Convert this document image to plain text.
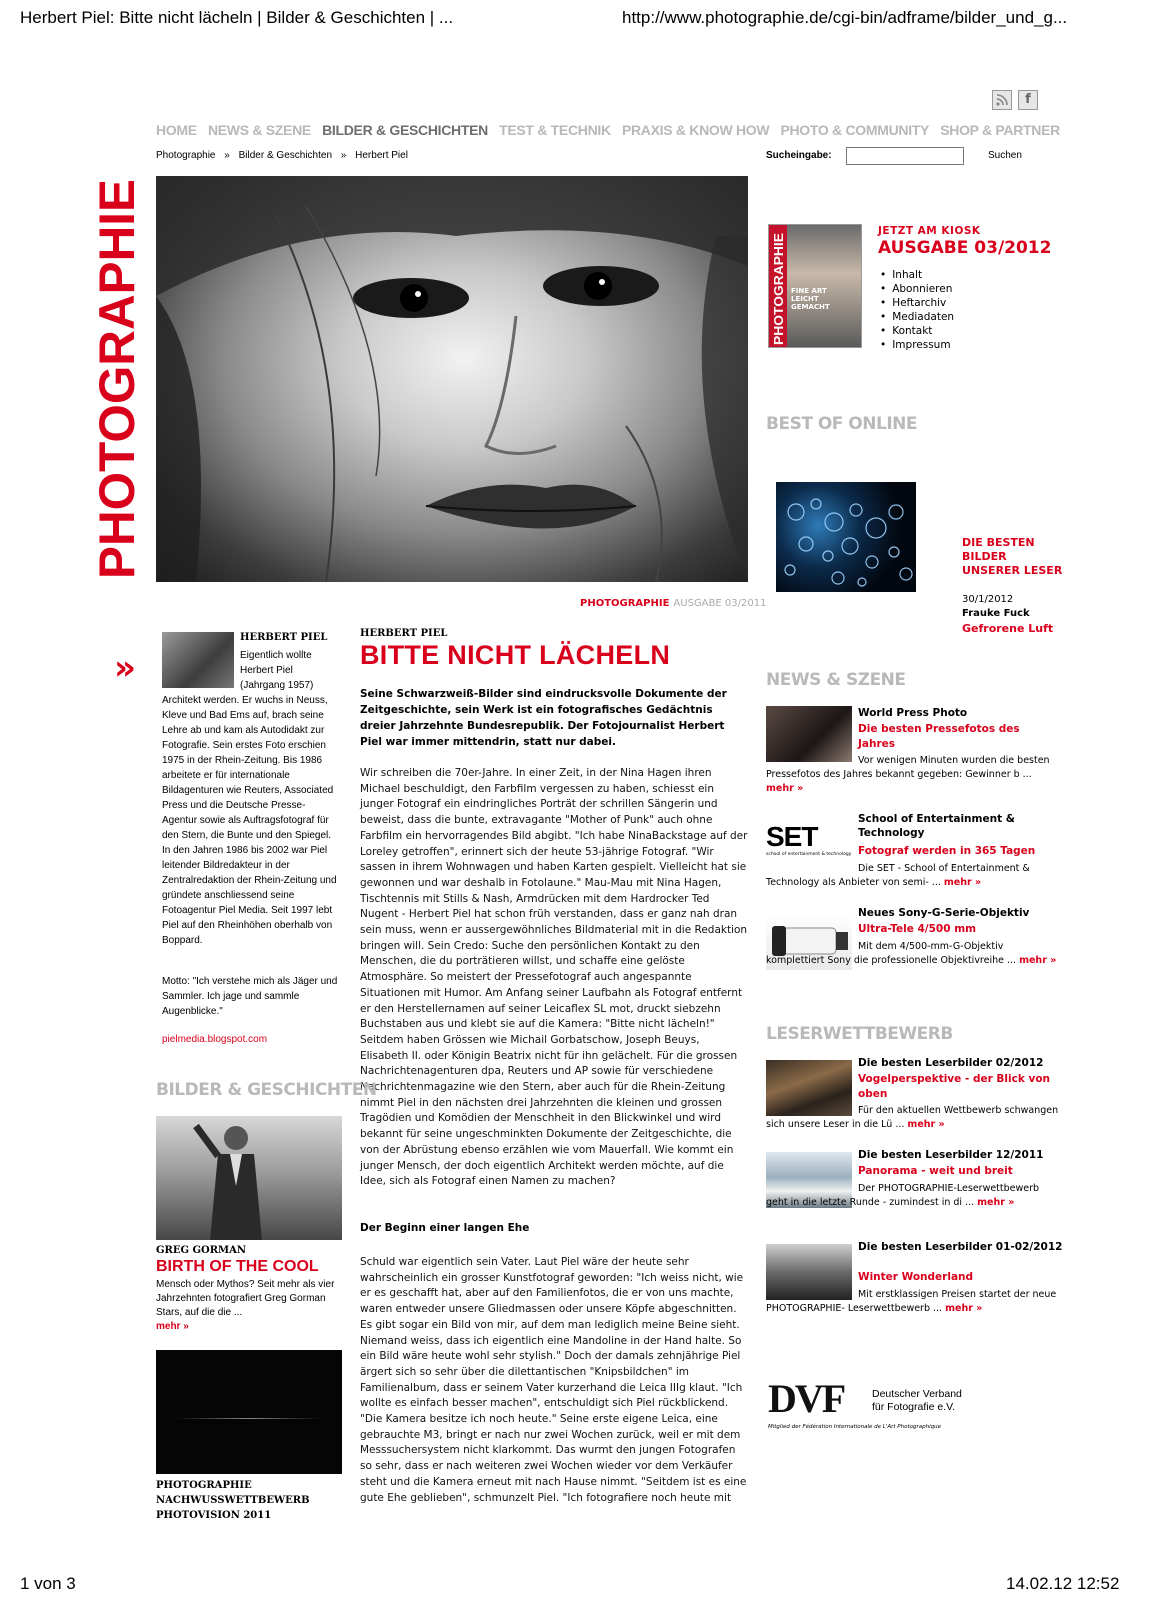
Herbert Piel: Bitte nicht lächeln | Bilder & Geschichten | ...	http://www.photographie.de/cgi-bin/adframe/bilder_und_g...
f
HOME NEWS & SZENE BILDER & GESCHICHTEN TEST & TECHNIK PRAXIS & KNOW HOW PHOTO & COMMUNITY SHOP & PARTNER
Photographie » Bilder & Geschichten » Herbert Piel	Sucheingabe:	Suchen
PHOTOGRAPHIE
PHOTOGRAPHIE AUSGABE 03/2011
»
HERBERT PIEL
Eigentlich wollte Herbert Piel (Jahrgang 1957)
Architekt werden. Er wuchs in Neuss, Kleve und Bad Ems auf, brach seine Lehre ab und kam als Autodidakt zur Fotografie. Sein erstes Foto erschien 1975 in der Rhein-Zeitung. Bis 1986 arbeitete er für internationale Bildagenturen wie Reuters, Associated Press und die Deutsche Presse-Agentur sowie als Auftragsfotograf für den Stern, die Bunte und den Spiegel. In den Jahren 1986 bis 2002 war Piel leitender Bildredakteur in der Zentralredaktion der Rhein-Zeitung und gründete anschliessend seine Fotoagentur Piel Media. Seit 1997 lebt Piel auf den Rheinhöhen oberhalb von Boppard.
Motto: "Ich verstehe mich als Jäger und Sammler. Ich jage und sammle Augenblicke."
pielmedia.blogspot.com
HERBERT PIEL
BITTE NICHT LÄCHELN
Seine Schwarzweiß-Bilder sind eindrucksvolle Dokumente der Zeitgeschichte, sein Werk ist ein fotografisches Gedächtnis dreier Jahrzehnte Bundesrepublik. Der Fotojournalist Herbert Piel war immer mittendrin, statt nur dabei.
Wir schreiben die 70er-Jahre. In einer Zeit, in der Nina Hagen ihren Michael beschuldigt, den Farbfilm vergessen zu haben, schiesst ein junger Fotograf ein eindringliches Porträt der schrillen Sängerin und beweist, dass die bunte, extravagante "Mother of Punk" auch ohne Farbfilm ein hervorragendes Bild abgibt. "Ich habe NinaBackstage auf der Loreley getroffen", erinnert sich der heute 53-jährige Fotograf. "Wir sassen in ihrem Wohnwagen und haben Karten gespielt. Vielleicht hat sie gewonnen und war deshalb in Fotolaune." Mau-Mau mit Nina Hagen, Tischtennis mit Stills & Nash, Armdrücken mit dem Hardrocker Ted Nugent - Herbert Piel hat schon früh verstanden, dass er ganz nah dran sein muss, wenn er aussergewöhnliches Bildmaterial mit in die Redaktion bringen will. Sein Credo: Suche den persönlichen Kontakt zu den Menschen, die du porträtieren willst, und schaffe eine gelöste Atmosphäre. So meistert der Pressefotograf auch angespannte Situationen mit Humor. Am Anfang seiner Laufbahn als Fotograf entfernt er den Herstellernamen auf seiner Leicaflex SL mot, druckt siebzehn Buchstaben aus und klebt sie auf die Kamera: "Bitte nicht lächeln!" Seitdem haben Grössen wie Michail Gorbatschow, Joseph Beuys, Elisabeth II. oder Königin Beatrix nicht für ihn gelächelt. Für die grossen Nachrichtenagenturen dpa, Reuters und AP sowie für verschiedene Nachrichtenmagazine wie den Stern, aber auch für die Rhein-Zeitung nimmt Piel in den nächsten drei Jahrzehnten die kleinen und grossen Tragödien und Komödien der Menschheit in den Blickwinkel und wird bekannt für seine ungeschminkten Dokumente der Zeitgeschichte, die von der Abrüstung ebenso erzählen wie vom Mauerfall. Wie kommt ein junger Mensch, der doch eigentlich Architekt werden möchte, auf die Idee, sich als Fotograf einen Namen zu machen?
Der Beginn einer langen Ehe
Schuld war eigentlich sein Vater. Laut Piel wäre der heute sehr wahrscheinlich ein grosser Kunstfotograf geworden: "Ich weiss nicht, wie er es geschafft hat, aber auf den Familienfotos, die er von uns machte, waren entweder unsere Gliedmassen oder unsere Köpfe abgeschnitten. Es gibt sogar ein Bild von mir, auf dem man lediglich meine Beine sieht. Niemand weiss, dass ich eigentlich eine Mandoline in der Hand halte. So ein Bild wäre heute wohl sehr stylish." Doch der damals zehnjährige Piel ärgert sich so sehr über die dilettantischen "Knipsbildchen" im Familienalbum, dass er seinem Vater kurzerhand die Leica IIIg klaut. "Ich wollte es einfach besser machen", entschuldigt sich Piel rückblickend. "Die Kamera besitze ich noch heute." Seine erste eigene Leica, eine gebrauchte M3, bringt er nach nur zwei Wochen zurück, weil er mit dem Messsuchersystem nicht klarkommt. Das wurmt den jungen Fotografen so sehr, dass er nach weiteren zwei Wochen wieder vor dem Verkäufer steht und die Kamera erneut mit nach Hause nimmt. "Seitdem ist es eine gute Ehe geblieben", schmunzelt Piel. "Ich fotografiere noch heute mit
BILDER & GESCHICHTEN
GREG GORMAN
BIRTH OF THE COOL
Mensch oder Mythos? Seit mehr als vier Jahrzehnten fotografiert Greg Gorman Stars, auf die die ...
mehr »
PHOTOGRAPHIE
NACHWUSSWETTBEWERB
PHOTOVISION 2011
PHOTOGRAPHIE FINE ART
LEICHT
GEMACHT
JETZT AM KIOSK
AUSGABE 03/2012
• Inhalt
• Abonnieren
• Heftarchiv
• Mediadaten
• Kontakt
• Impressum
BEST OF ONLINE
DIE BESTEN
BILDER
UNSERER LESER
30/1/2012
Frauke Fuck
Gefrorene Luft
NEWS & SZENE
World Press Photo
Die besten Pressefotos des Jahres
Vor wenigen Minuten wurden die besten Pressefotos des Jahres bekannt gegeben: Gewinner b ... mehr »
SET
school of entertainment & technology
School of Entertainment & Technology
Fotograf werden in 365 Tagen
Die SET - School of Entertainment & Technology als Anbieter von semi- ... mehr »
Neues Sony-G-Serie-Objektiv
Ultra-Tele 4/500 mm
Mit dem 4/500-mm-G-Objektiv komplettiert Sony die professionelle Objektivreihe ... mehr »
LESERWETTBEWERB
Die besten Leserbilder 02/2012
Vogelperspektive - der Blick von oben
Für den aktuellen Wettbewerb schwangen sich unsere Leser in die Lü ... mehr »
Die besten Leserbilder 12/2011
Panorama - weit und breit
Der PHOTOGRAPHIE-Leserwettbewerb geht in die letzte Runde - zumindest in di ... mehr »
Die besten Leserbilder 01-02/2012
Winter Wonderland
Mit erstklassigen Preisen startet der neue PHOTOGRAPHIE- Leserwettbewerb ... mehr »
DVF	Deutscher Verband
für Fotografie e.V.
Mitglied der Fédération Internationale de L'Art Photographique
1 von 3	14.02.12 12:52
